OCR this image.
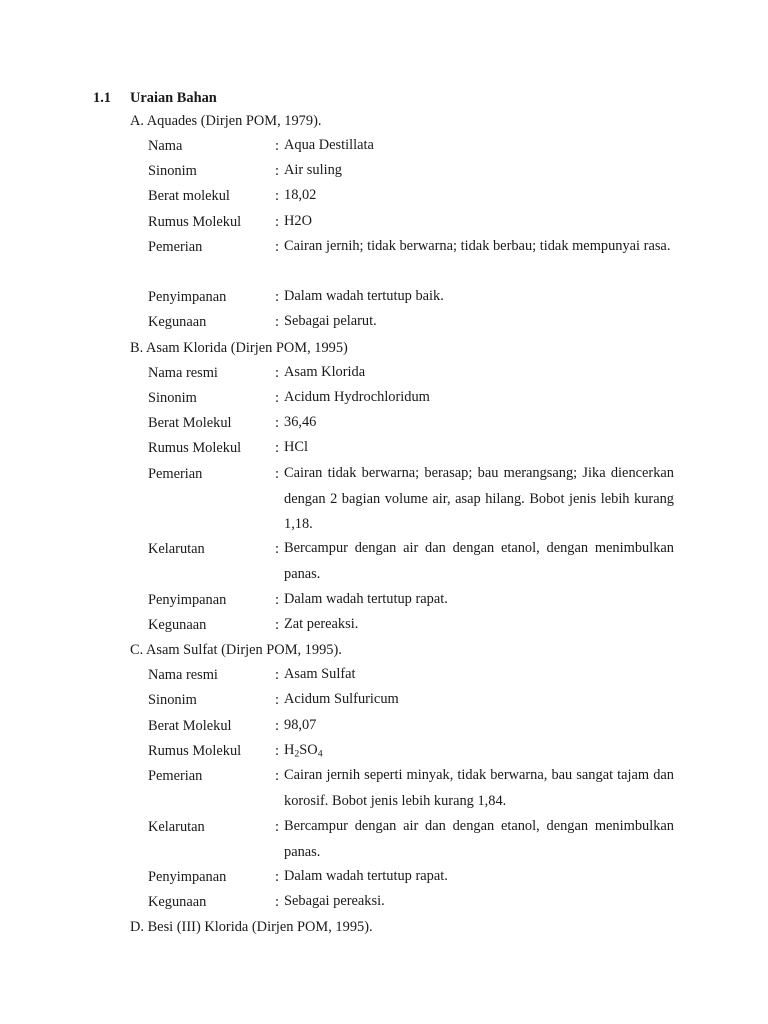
1.1 Uraian Bahan
A. Aquades (Dirjen POM, 1979).
Nama	: Aqua Destillata
Sinonim	: Air suling
Berat molekul	: 18,02
Rumus Molekul : H2O
Pemerian	: Cairan jernih; tidak berwarna; tidak berbau; tidak mempunyai rasa.
Penyimpanan	: Dalam wadah tertutup baik.
Kegunaan	: Sebagai pelarut.
B. Asam Klorida (Dirjen POM, 1995)
Nama resmi	: Asam Klorida
Sinonim	: Acidum Hydrochloridum
Berat Molekul	: 36,46
Rumus Molekul : HCl
Pemerian	: Cairan tidak berwarna; berasap; bau merangsang; Jika diencerkan dengan 2 bagian volume air, asap hilang. Bobot jenis lebih kurang 1,18.
Kelarutan	: Bercampur dengan air dan dengan etanol, dengan menimbulkan panas.
Penyimpanan	: Dalam wadah tertutup rapat.
Kegunaan	: Zat pereaksi.
C. Asam Sulfat (Dirjen POM, 1995).
Nama resmi	: Asam Sulfat
Sinonim	: Acidum Sulfuricum
Berat Molekul	: 98,07
Rumus Molekul : $H_2SO_4$
Pemerian	: Cairan jernih seperti minyak, tidak berwarna, bau sangat tajam dan korosif. Bobot jenis lebih kurang 1,84.
Kelarutan	: Bercampur dengan air dan dengan etanol, dengan menimbulkan panas.
Penyimpanan	: Dalam wadah tertutup rapat.
Kegunaan	: Sebagai pereaksi.
D. Besi (III) Klorida (Dirjen POM, 1995).
